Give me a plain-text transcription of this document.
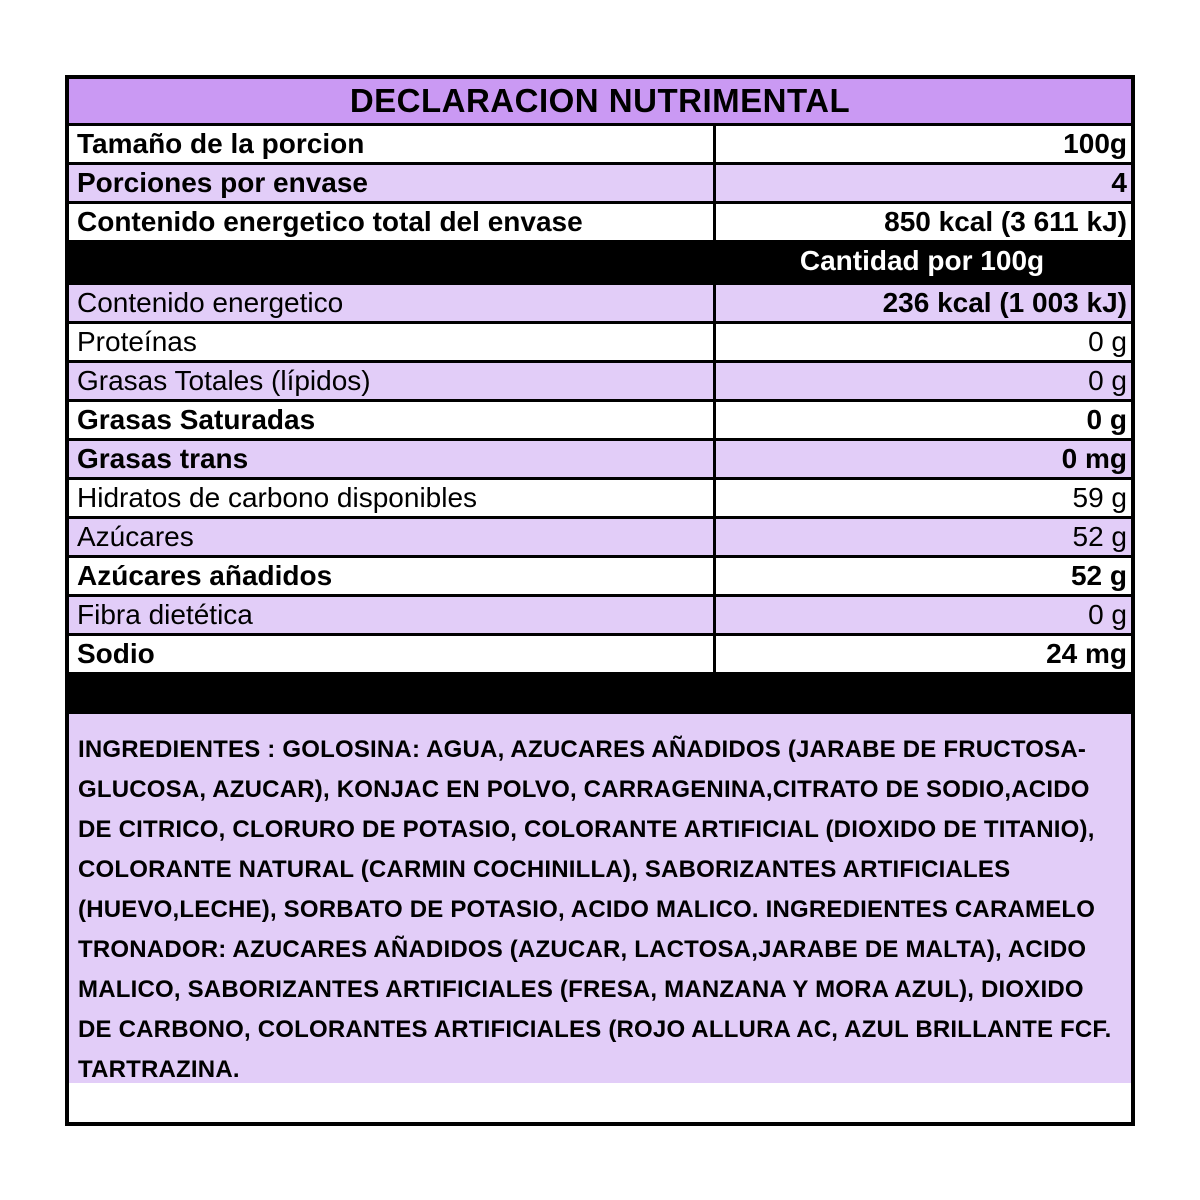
DECLARACION NUTRIMENTAL
Tamaño de la porcion	100g
Porciones por envase	4
Contenido energetico total del envase	850 kcal (3 611 kJ)
Cantidad por 100g
Contenido energetico	236 kcal (1 003 kJ)
Proteínas	0 g
Grasas Totales (lípidos)	0 g
Grasas Saturadas	0 g
Grasas trans	0 mg
Hidratos de carbono disponibles	59 g
Azúcares	52 g
Azúcares añadidos	52 g
Fibra dietética	0 g
Sodio	24 mg
INGREDIENTES : GOLOSINA: AGUA, AZUCARES AÑADIDOS (JARABE DE FRUCTOSA-GLUCOSA, AZUCAR), KONJAC EN POLVO, CARRAGENINA,CITRATO DE SODIO,ACIDO DE CITRICO, CLORURO DE POTASIO, COLORANTE ARTIFICIAL (DIOXIDO DE TITANIO), COLORANTE NATURAL (CARMIN COCHINILLA), SABORIZANTES ARTIFICIALES (HUEVO,LECHE), SORBATO DE POTASIO, ACIDO MALICO. INGREDIENTES CARAMELO TRONADOR: AZUCARES AÑADIDOS (AZUCAR, LACTOSA,JARABE DE MALTA), ACIDO MALICO, SABORIZANTES ARTIFICIALES (FRESA, MANZANA Y MORA AZUL), DIOXIDO DE CARBONO, COLORANTES ARTIFICIALES (ROJO ALLURA AC, AZUL BRILLANTE FCF. TARTRAZINA.
